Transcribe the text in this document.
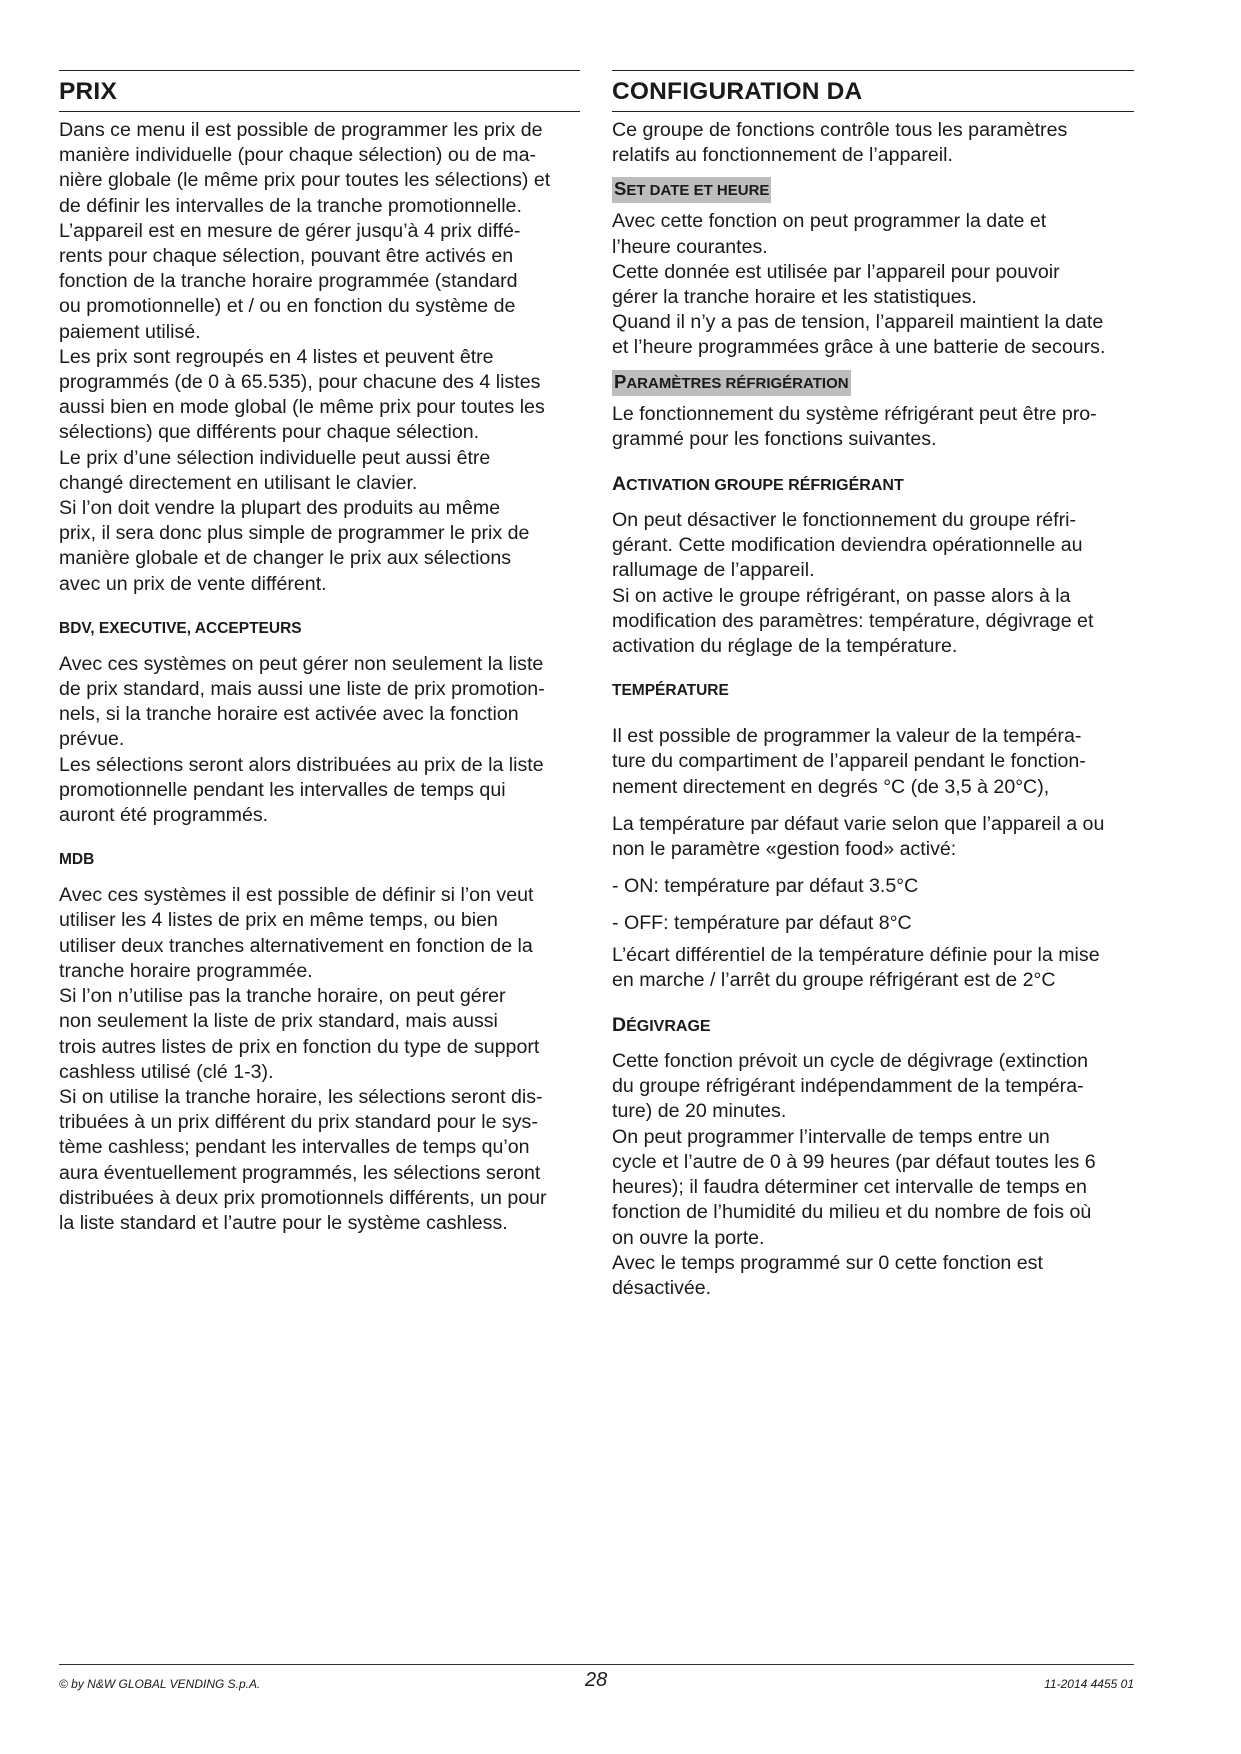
PRIX

Dans ce menu il est possible de programmer les prix de
manière individuelle (pour chaque sélection) ou de ma-
nière globale (le même prix pour toutes les sélections) et
de définir les intervalles de la tranche promotionnelle.
L’appareil est en mesure de gérer jusqu’à 4 prix diffé-
rents pour chaque sélection, pouvant être activés en
fonction de la tranche horaire programmée (standard
ou promotionnelle) et / ou en fonction du système de
paiement utilisé.
Les prix sont regroupés en 4 listes et peuvent être
programmés (de 0 à 65.535), pour chacune des 4 listes
aussi bien en mode global (le même prix pour toutes les
sélections) que différents pour chaque sélection.
Le prix d’une sélection individuelle peut aussi être
changé directement en utilisant le clavier.
Si l’on doit vendre la plupart des produits au même
prix, il sera donc plus simple de programmer le prix de
manière globale et de changer le prix aux sélections
avec un prix de vente différent.

BDV, EXECUTIVE, ACCEPTEURS

Avec ces systèmes on peut gérer non seulement la liste
de prix standard, mais aussi une liste de prix promotion-
nels, si la tranche horaire est activée avec la fonction
prévue.
Les sélections seront alors distribuées au prix de la liste
promotionnelle pendant les intervalles de temps qui
auront été programmés.

MDB

Avec ces systèmes il est possible de définir si l’on veut
utiliser les 4 listes de prix en même temps, ou bien
utiliser deux tranches alternativement en fonction de la
tranche horaire programmée.
Si l’on n’utilise pas la tranche horaire, on peut gérer
non seulement la liste de prix standard, mais aussi
trois autres listes de prix en fonction du type de support
cashless utilisé (clé 1-3).
Si on utilise la tranche horaire, les sélections seront dis-
tribuées à un prix différent du prix standard pour le sys-
tème cashless; pendant les intervalles de temps qu’on
aura éventuellement programmés, les sélections seront
distribuées à deux prix promotionnels différents, un pour
la liste standard et l’autre pour le système cashless.

CONFIGURATION DA

Ce groupe de fonctions contrôle tous les paramètres
relatifs au fonctionnement de l’appareil.

SET DATE ET HEURE

Avec cette fonction on peut programmer la date et
l’heure courantes.
Cette donnée est utilisée par l’appareil pour pouvoir
gérer la tranche horaire et les statistiques.
Quand il n’y a pas de tension, l’appareil maintient la date
et l’heure programmées grâce à une batterie de secours.

PARAMÈTRES RÉFRIGÉRATION

Le fonctionnement du système réfrigérant peut être pro-
grammé pour les fonctions suivantes.

ACTIVATION GROUPE RÉFRIGÉRANT

On peut désactiver le fonctionnement du groupe réfri-
gérant. Cette modification deviendra opérationnelle au
rallumage de l’appareil.
Si on active le groupe réfrigérant, on passe alors à la
modification des paramètres: température, dégivrage et
activation du réglage de la température.

TEMPÉRATURE

Il est possible de programmer la valeur de la tempéra-
ture du compartiment de l’appareil pendant le fonction-
nement directement en degrés °C (de 3,5 à 20°C),

La température par défaut varie selon que l’appareil a ou
non le paramètre «gestion food» activé:

- ON: température par défaut 3.5°C

- OFF: température par défaut 8°C

L’écart différentiel de la température définie pour la mise
en marche / l’arrêt du groupe réfrigérant est de 2°C

DÉGIVRAGE

Cette fonction prévoit un cycle de dégivrage (extinction
du groupe réfrigérant indépendamment de la tempéra-
ture) de 20 minutes.
On peut programmer l’intervalle de temps entre un
cycle et l’autre de 0 à 99 heures (par défaut toutes les 6
heures); il faudra déterminer cet intervalle de temps en
fonction de l’humidité du milieu et du nombre de fois où
on ouvre la porte.
Avec le temps programmé sur 0 cette fonction est
désactivée.

© by N&W GLOBAL VENDING S.p.A.	28	11-2014 4455 01
